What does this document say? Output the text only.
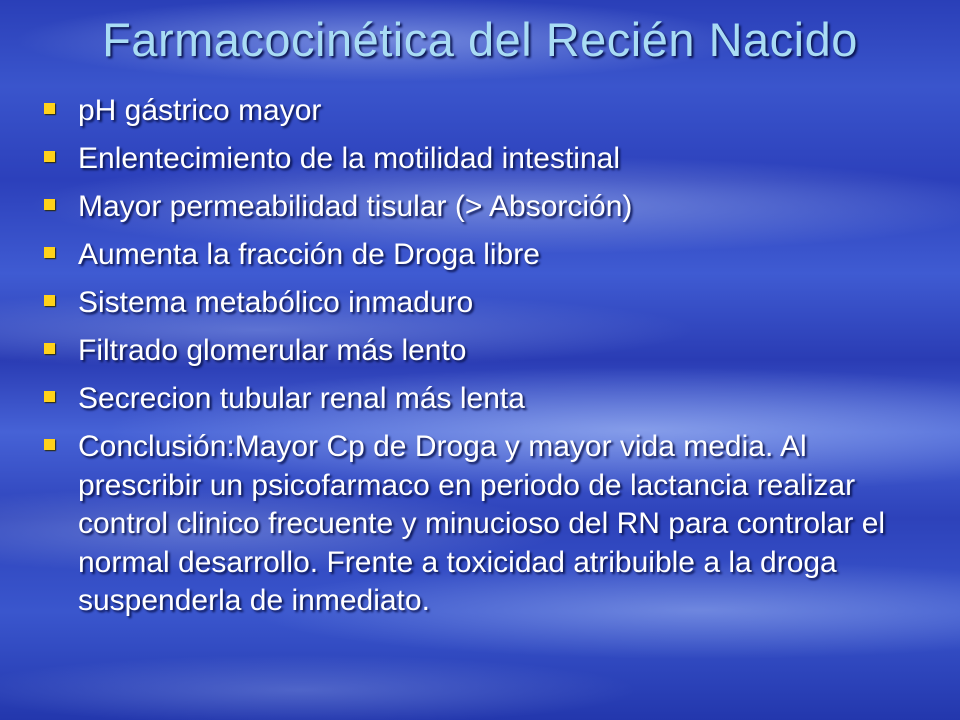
Farmacocinética del Recién Nacido
pH gástrico mayor
Enlentecimiento de la motilidad intestinal
Mayor permeabilidad tisular (> Absorción)
Aumenta la fracción de Droga libre
Sistema metabólico inmaduro
Filtrado glomerular más lento
Secrecion tubular renal más lenta
Conclusión:Mayor Cp de Droga y mayor vida media. Al prescribir un psicofarmaco en periodo de lactancia realizar control clinico frecuente y minucioso del RN para controlar el normal desarrollo. Frente a toxicidad atribuible a la droga suspenderla de inmediato.
